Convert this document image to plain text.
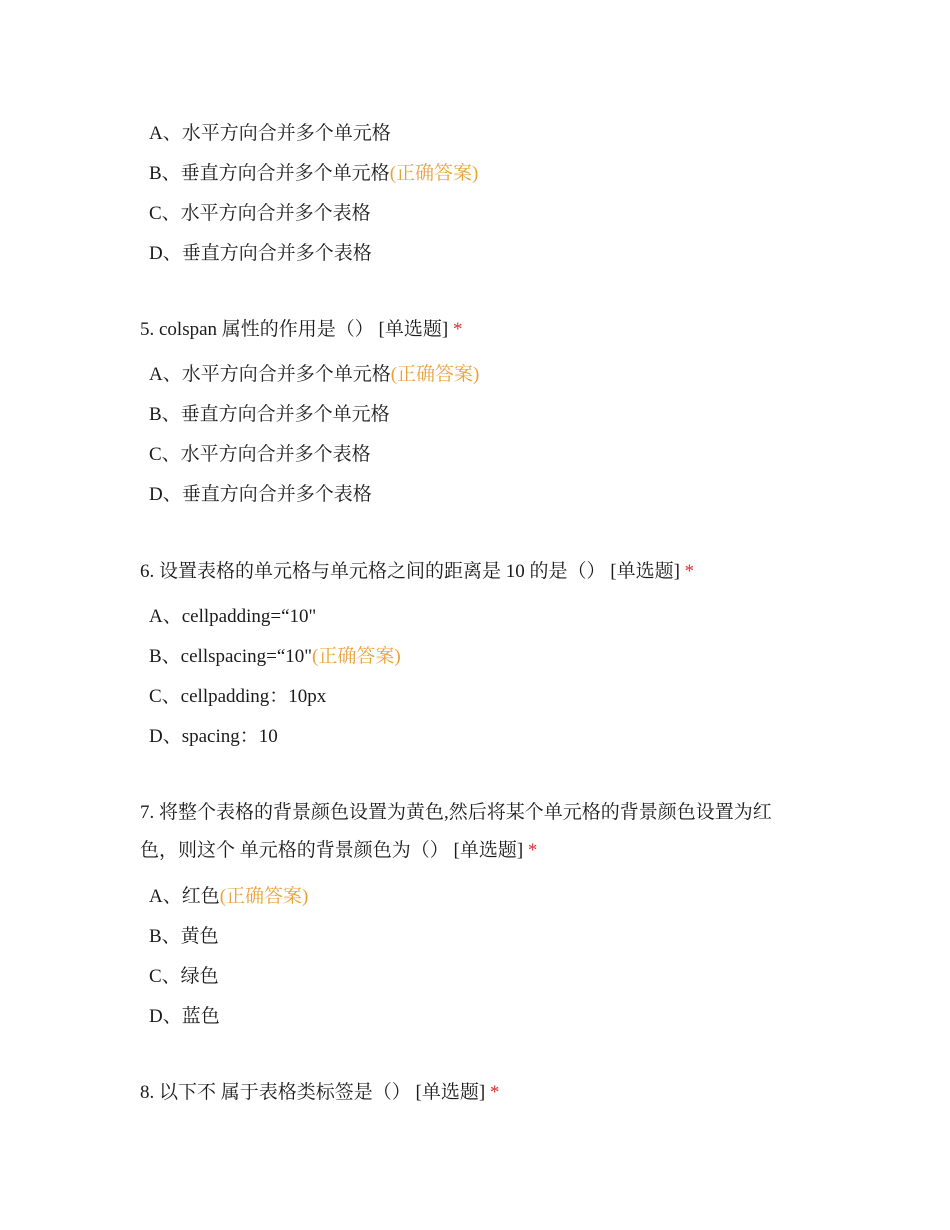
A、水平方向合并多个单元格
B、垂直方向合并多个单元格(正确答案)
C、水平方向合并多个表格
D、垂直方向合并多个表格
5. colspan 属性的作用是（） [单选题] *
A、水平方向合并多个单元格(正确答案)
B、垂直方向合并多个单元格
C、水平方向合并多个表格
D、垂直方向合并多个表格
6. 设置表格的单元格与单元格之间的距离是 10 的是（） [单选题] *
A、cellpadding=“10"
B、cellspacing=“10"(正确答案)
C、cellpadding：10px
D、spacing：10
7. 将整个表格的背景颜色设置为黄色,然后将某个单元格的背景颜色设置为红色，则这个 单元格的背景颜色为（） [单选题] *
A、红色(正确答案)
B、黄色
C、绿色
D、蓝色
8. 以下不 属于表格类标签是（） [单选题] *
